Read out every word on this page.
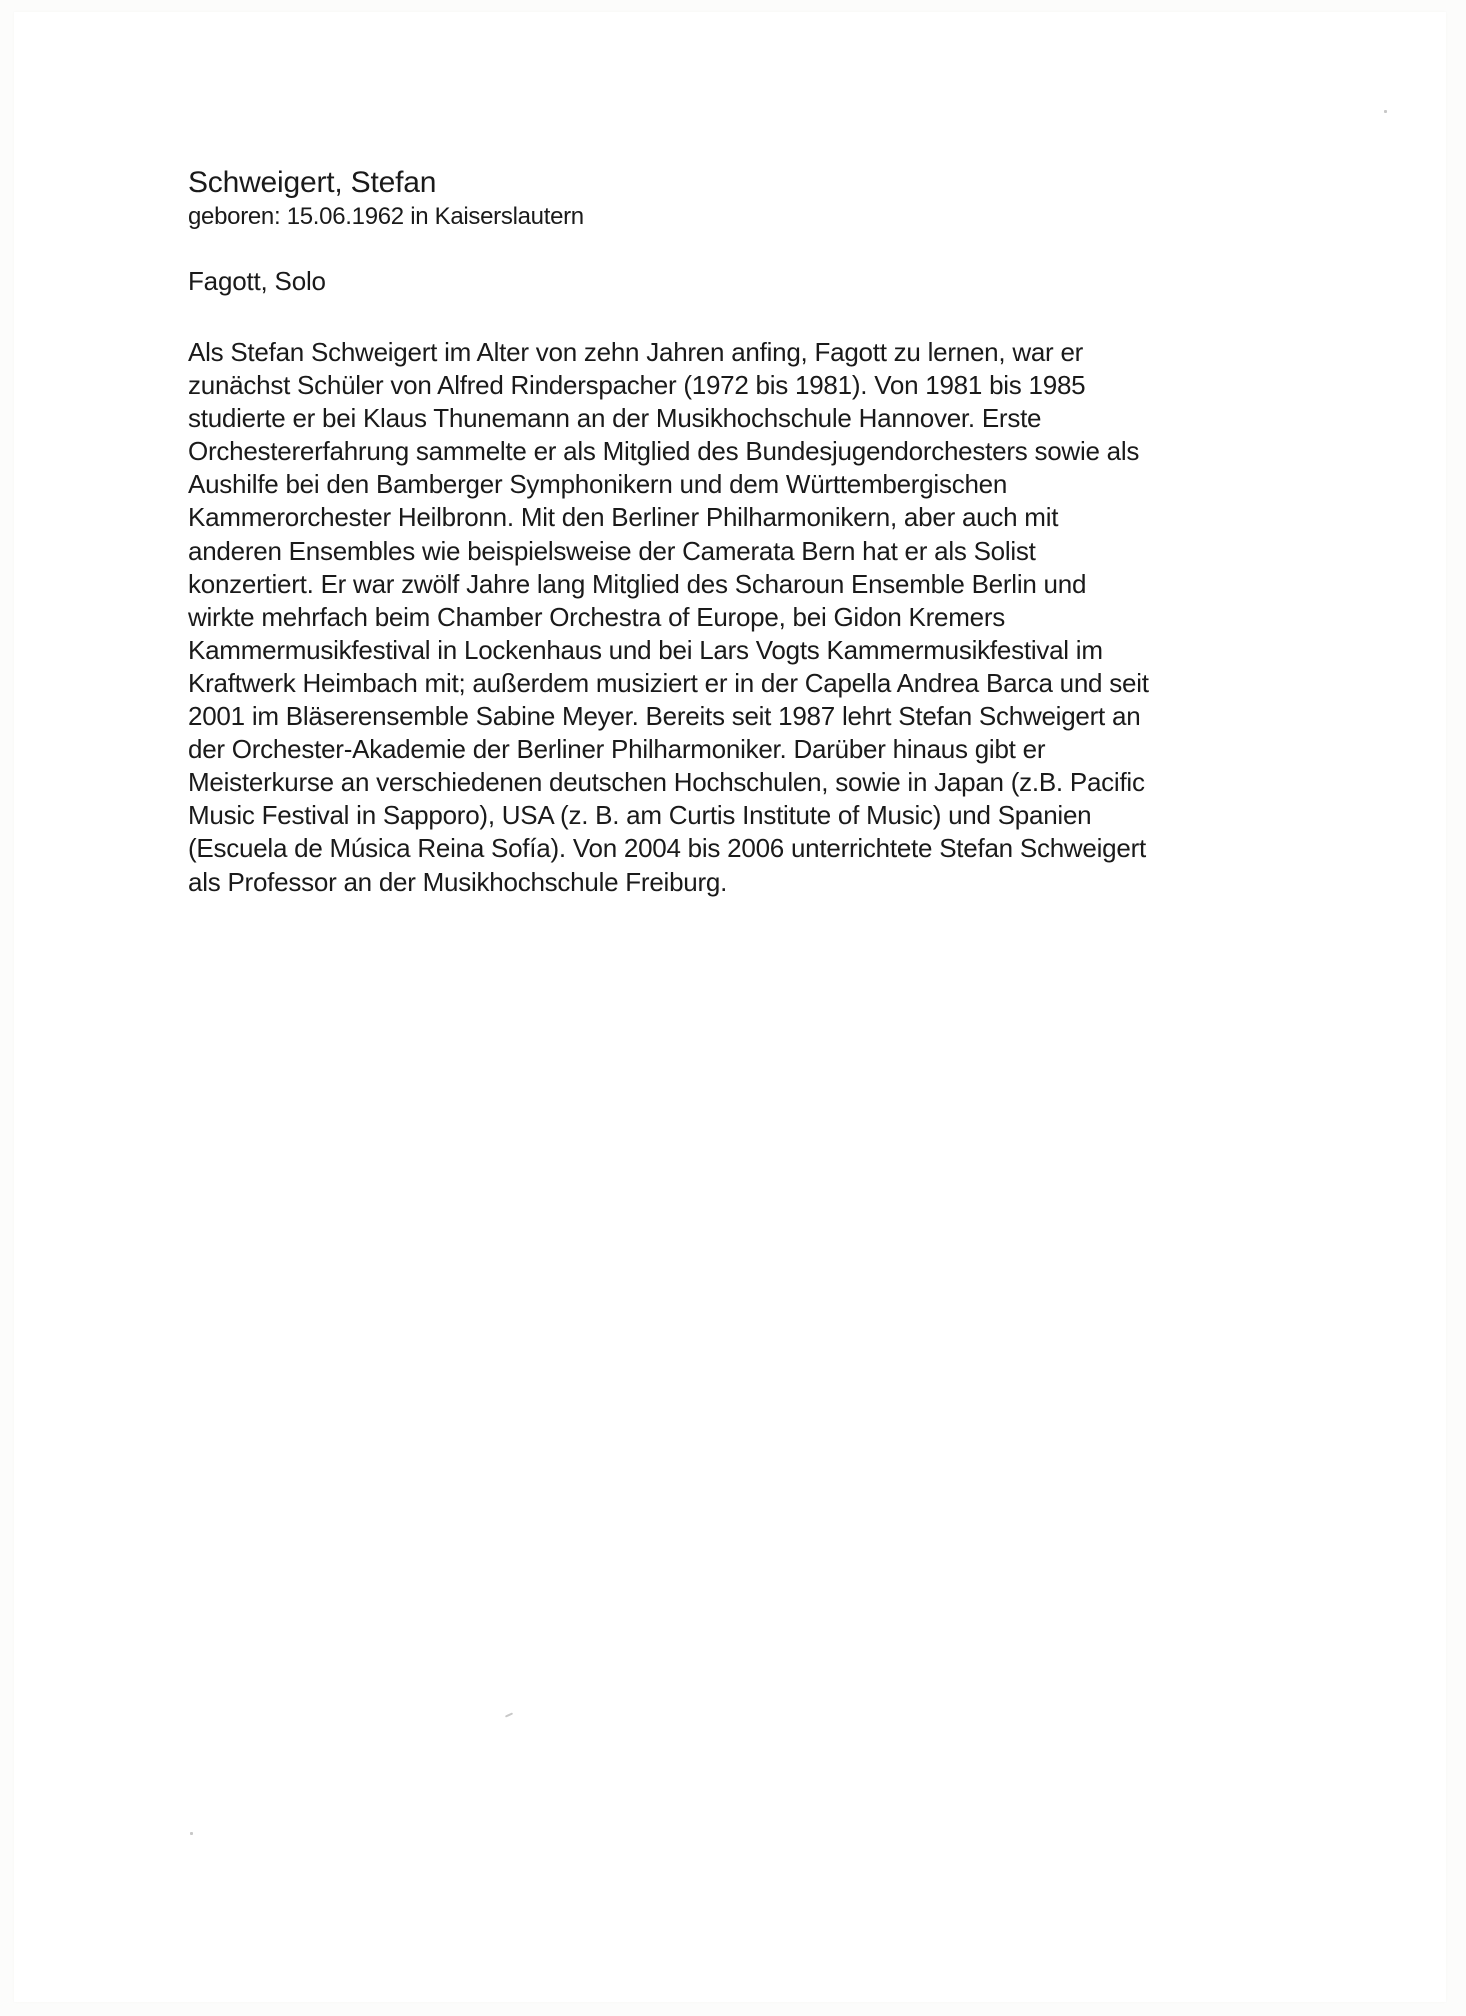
Schweigert, Stefan
geboren: 15.06.1962 in Kaiserslautern
Fagott, Solo
Als Stefan Schweigert im Alter von zehn Jahren anfing, Fagott zu lernen, war er
zunächst Schüler von Alfred Rinderspacher (1972 bis 1981). Von 1981 bis 1985
studierte er bei Klaus Thunemann an der Musikhochschule Hannover. Erste
Orchestererfahrung sammelte er als Mitglied des Bundesjugendorchesters sowie als
Aushilfe bei den Bamberger Symphonikern und dem Württembergischen
Kammerorchester Heilbronn. Mit den Berliner Philharmonikern, aber auch mit
anderen Ensembles wie beispielsweise der Camerata Bern hat er als Solist
konzertiert. Er war zwölf Jahre lang Mitglied des Scharoun Ensemble Berlin und
wirkte mehrfach beim Chamber Orchestra of Europe, bei Gidon Kremers
Kammermusikfestival in Lockenhaus und bei Lars Vogts Kammermusikfestival im
Kraftwerk Heimbach mit; außerdem musiziert er in der Capella Andrea Barca und seit
2001 im Bläserensemble Sabine Meyer. Bereits seit 1987 lehrt Stefan Schweigert an
der Orchester-Akademie der Berliner Philharmoniker. Darüber hinaus gibt er
Meisterkurse an verschiedenen deutschen Hochschulen, sowie in Japan (z.B. Pacific
Music Festival in Sapporo), USA (z. B. am Curtis Institute of Music) und Spanien
(Escuela de Música Reina Sofía). Von 2004 bis 2006 unterrichtete Stefan Schweigert
als Professor an der Musikhochschule Freiburg.
